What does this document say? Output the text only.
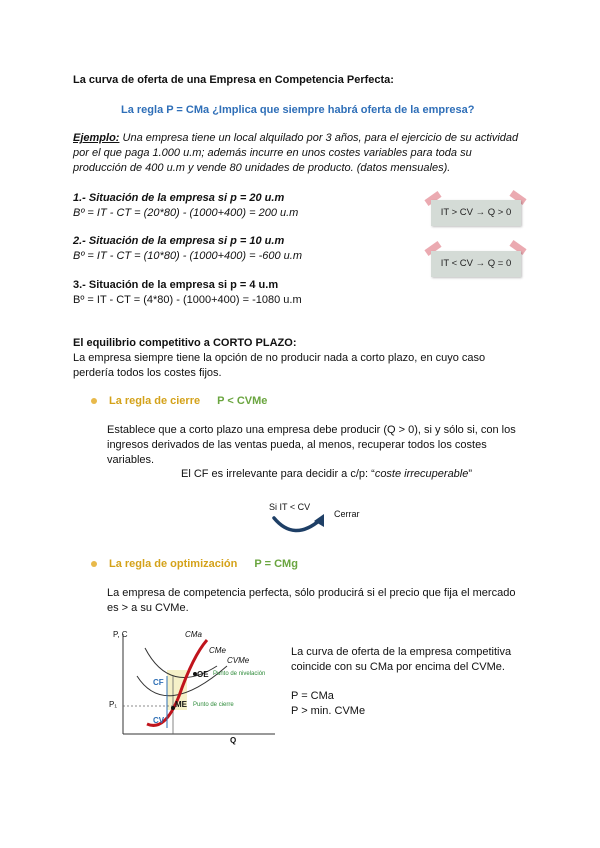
La curva de oferta de una Empresa en Competencia Perfecta:
La regla P = CMa ¿Implica que siempre habrá oferta de la empresa?
Ejemplo: Una empresa tiene un local alquilado por 3 años, para el ejercicio de su actividad
por el que paga 1.000 u.m; además incurre en unos costes variables para toda su
producción de 400 u.m y vende 80 unidades de producto. (datos mensuales).
1.- Situación de la empresa si p = 20 u.m
Bº = IT - CT = (20*80) - (1000+400) = 200 u.m
2.- Situación de la empresa si p = 10 u.m
Bº = IT - CT = (10*80) - (1000+400) = -600 u.m
3.- Situación de la empresa si p = 4 u.m
Bº = IT - CT = (4*80) - (1000+400) = -1080 u.m
IT > CV → Q > 0
IT < CV → Q = 0
El equilibrio competitivo a CORTO PLAZO:
La empresa siempre tiene la opción de no producir nada a corto plazo, en cuyo caso
perdería todos los costes fijos.
La regla de cierre P < CVMe
Establece que a corto plazo una empresa debe producir (Q > 0), si y sólo si, con los
ingresos derivados de las ventas pueda, al menos, recuperar todos los costes
variables.
El CF es irrelevante para decidir a c/p: “coste irrecuperable”
Si IT < CV
Cerrar
La regla de optimización P = CMg
La empresa de competencia perfecta, sólo producirá si el precio que fija el mercado
es > a su CVMe.
P, C
Q
P₁
CMa
CMe
CVMe
CF
CV
OE
ME
Punto de nivelación
Punto de cierre
La curva de oferta de la empresa competitiva
coincide con su CMa por encima del CVMe.
P = CMa
P > min. CVMe
